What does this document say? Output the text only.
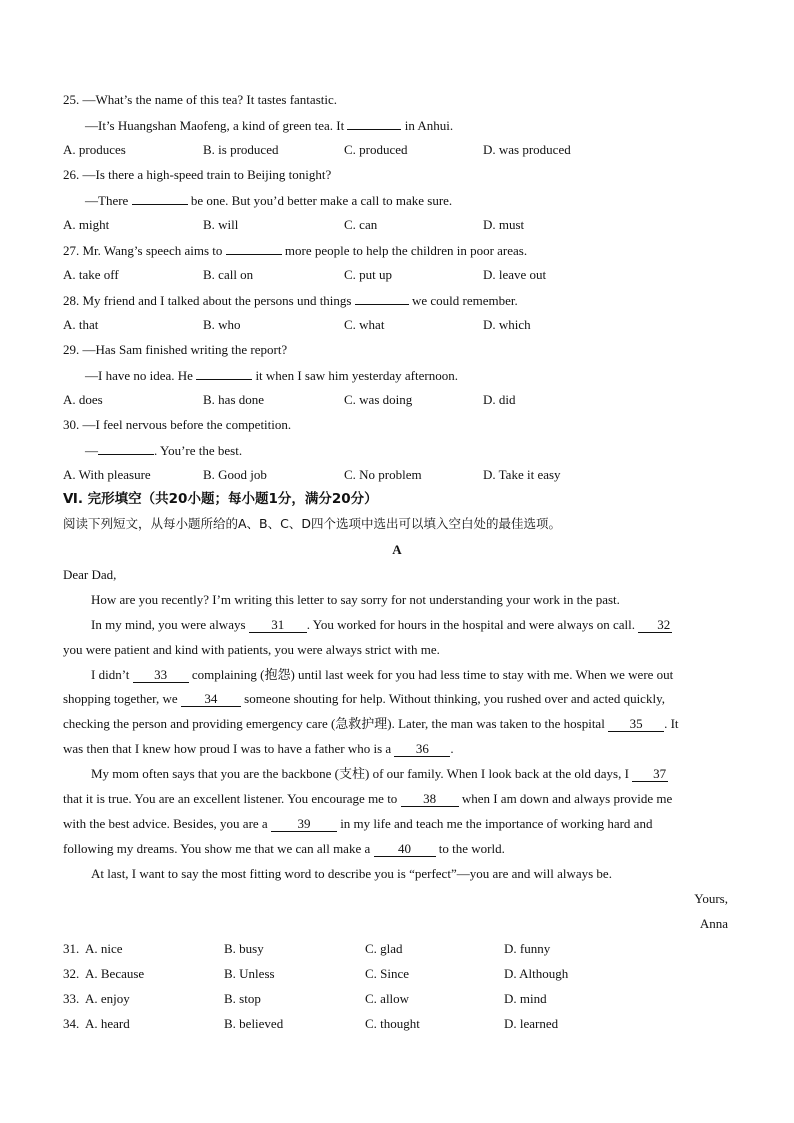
25. —What’s the name of this tea? It tastes fantastic.
—It’s Huangshan Maofeng, a kind of green tea. It	in Anhui.
A. produces	B. is produced	C. produced	D. was produced
26. —Is there a high-speed train to Beijing tonight?
—There	be one. But you’d better make a call to make sure.
A. might	B. will	C. can	D. must
27. Mr. Wang’s speech aims to	more people to help the children in poor areas.
A. take off	B. call on	C. put up	D. leave out
28. My friend and I talked about the persons und things	we could remember.
A. that	B. who	C. what	D. which
29. —Has Sam finished writing the report?
—I have no idea. He	it when I saw him yesterday afternoon.
A. does	B. has done	C. was doing	D. did
30. —I feel nervous before the competition.
—	. You’re the best.
A. With pleasure	B. Good job	C. No problem	D. Take it easy
Ⅵ. 完形填空（共20小题；每小题1分，满分20分）
阅读下列短文，从每小题所给的A、B、C、D四个选项中选出可以填入空白处的最佳选项。
A
Dear Dad,
How are you recently? I’m writing this letter to say sorry for not understanding your work in the past.
In my mind, you were always 31 . You worked for hours in the hospital and were always on call. 32
you were patient and kind with patients, you were always strict with me.
I didn’t 33 complaining (抱怨) until last week for you had less time to stay with me. When we were out
shopping together, we 34 someone shouting for help. Without thinking, you rushed over and acted quickly,
checking the person and providing emergency care (急救护理). Later, the man was taken to the hospital 35 . It
was then that I knew how proud I was to have a father who is a 36 .
My mom often says that you are the backbone (支柱) of our family. When I look back at the old days, I 37
that it is true. You are an excellent listener. You encourage me to 38 when I am down and always provide me
with the best advice. Besides, you are a 39 in my life and teach me the importance of working hard and
following my dreams. You show me that we can all make a 40 to the world.
At last, I want to say the most fitting word to describe you is “perfect”—you are and will always be.
Yours,
Anna
31. A. nice	B. busy	C. glad	D. funny
32. A. Because	B. Unless	C. Since	D. Although
33. A. enjoy	B. stop	C. allow	D. mind
34. A. heard	B. believed	C. thought	D. learned
